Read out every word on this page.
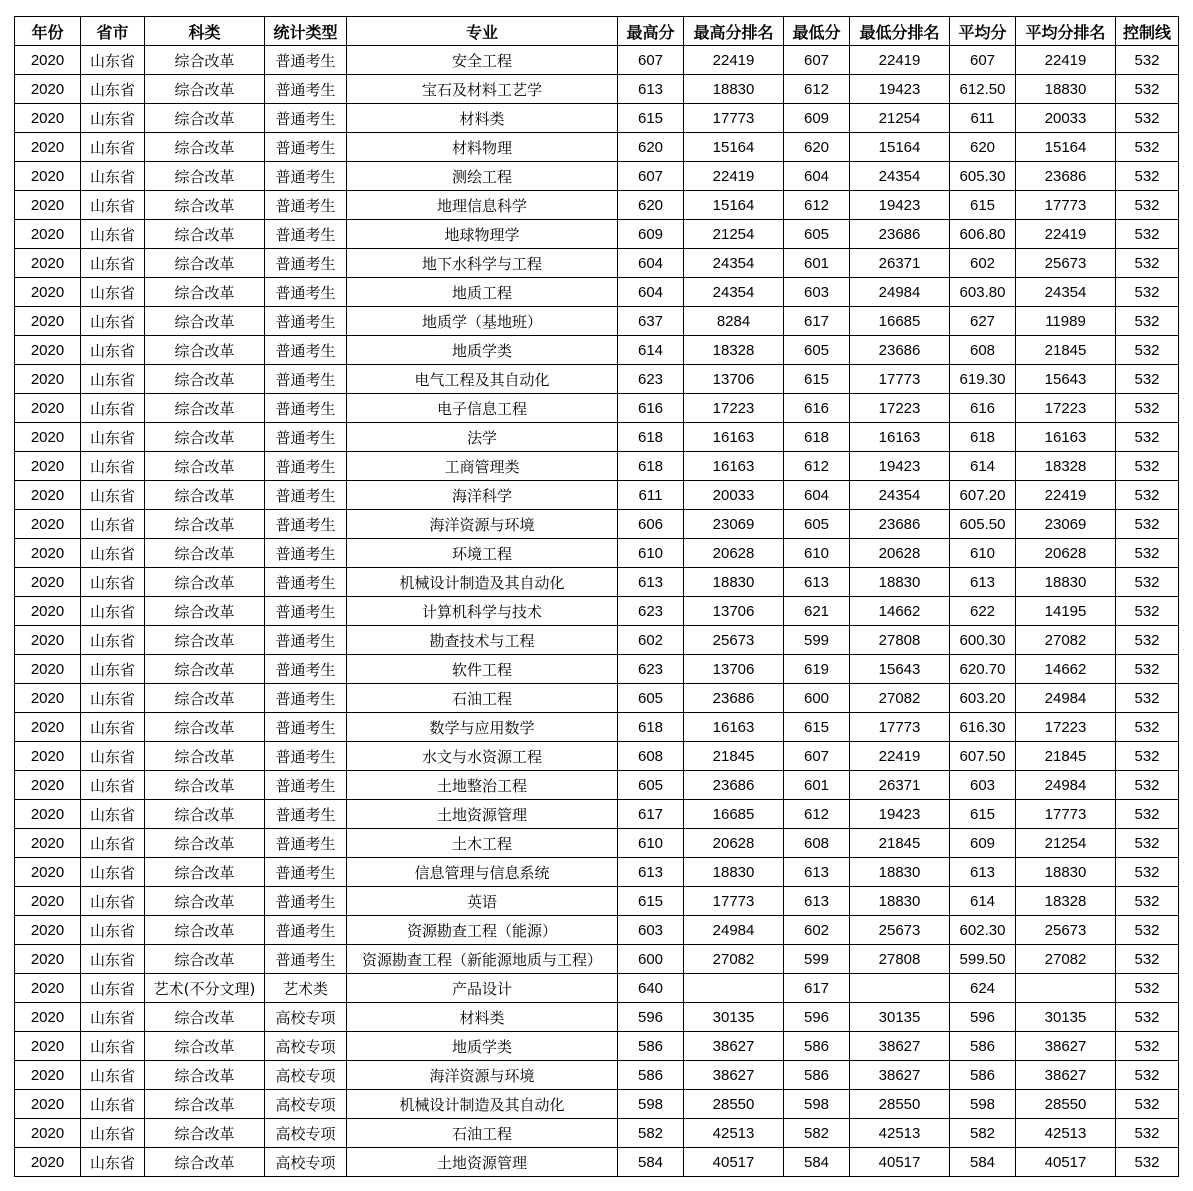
年份	省市	科类	统计类型	专业	最高分	最高分排名	最低分	最低分排名	平均分	平均分排名	控制线
2020	山东省	综合改革	普通考生	安全工程	607	22419	607	22419	607	22419	532
2020	山东省	综合改革	普通考生	宝石及材料工艺学	613	18830	612	19423	612.50	18830	532
2020	山东省	综合改革	普通考生	材料类	615	17773	609	21254	611	20033	532
2020	山东省	综合改革	普通考生	材料物理	620	15164	620	15164	620	15164	532
2020	山东省	综合改革	普通考生	测绘工程	607	22419	604	24354	605.30	23686	532
2020	山东省	综合改革	普通考生	地理信息科学	620	15164	612	19423	615	17773	532
2020	山东省	综合改革	普通考生	地球物理学	609	21254	605	23686	606.80	22419	532
2020	山东省	综合改革	普通考生	地下水科学与工程	604	24354	601	26371	602	25673	532
2020	山东省	综合改革	普通考生	地质工程	604	24354	603	24984	603.80	24354	532
2020	山东省	综合改革	普通考生	地质学（基地班）	637	8284	617	16685	627	11989	532
2020	山东省	综合改革	普通考生	地质学类	614	18328	605	23686	608	21845	532
2020	山东省	综合改革	普通考生	电气工程及其自动化	623	13706	615	17773	619.30	15643	532
2020	山东省	综合改革	普通考生	电子信息工程	616	17223	616	17223	616	17223	532
2020	山东省	综合改革	普通考生	法学	618	16163	618	16163	618	16163	532
2020	山东省	综合改革	普通考生	工商管理类	618	16163	612	19423	614	18328	532
2020	山东省	综合改革	普通考生	海洋科学	611	20033	604	24354	607.20	22419	532
2020	山东省	综合改革	普通考生	海洋资源与环境	606	23069	605	23686	605.50	23069	532
2020	山东省	综合改革	普通考生	环境工程	610	20628	610	20628	610	20628	532
2020	山东省	综合改革	普通考生	机械设计制造及其自动化	613	18830	613	18830	613	18830	532
2020	山东省	综合改革	普通考生	计算机科学与技术	623	13706	621	14662	622	14195	532
2020	山东省	综合改革	普通考生	勘查技术与工程	602	25673	599	27808	600.30	27082	532
2020	山东省	综合改革	普通考生	软件工程	623	13706	619	15643	620.70	14662	532
2020	山东省	综合改革	普通考生	石油工程	605	23686	600	27082	603.20	24984	532
2020	山东省	综合改革	普通考生	数学与应用数学	618	16163	615	17773	616.30	17223	532
2020	山东省	综合改革	普通考生	水文与水资源工程	608	21845	607	22419	607.50	21845	532
2020	山东省	综合改革	普通考生	土地整治工程	605	23686	601	26371	603	24984	532
2020	山东省	综合改革	普通考生	土地资源管理	617	16685	612	19423	615	17773	532
2020	山东省	综合改革	普通考生	土木工程	610	20628	608	21845	609	21254	532
2020	山东省	综合改革	普通考生	信息管理与信息系统	613	18830	613	18830	613	18830	532
2020	山东省	综合改革	普通考生	英语	615	17773	613	18830	614	18328	532
2020	山东省	综合改革	普通考生	资源勘查工程（能源）	603	24984	602	25673	602.30	25673	532
2020	山东省	综合改革	普通考生	资源勘查工程（新能源地质与工程）	600	27082	599	27808	599.50	27082	532
2020	山东省	艺术(不分文理)	艺术类	产品设计	640		617		624		532
2020	山东省	综合改革	高校专项	材料类	596	30135	596	30135	596	30135	532
2020	山东省	综合改革	高校专项	地质学类	586	38627	586	38627	586	38627	532
2020	山东省	综合改革	高校专项	海洋资源与环境	586	38627	586	38627	586	38627	532
2020	山东省	综合改革	高校专项	机械设计制造及其自动化	598	28550	598	28550	598	28550	532
2020	山东省	综合改革	高校专项	石油工程	582	42513	582	42513	582	42513	532
2020	山东省	综合改革	高校专项	土地资源管理	584	40517	584	40517	584	40517	532
